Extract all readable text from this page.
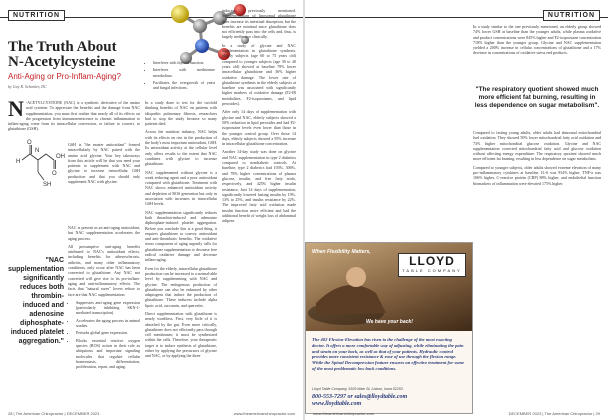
NUTRITION
The Truth About N-Acetylcysteine
Anti-Aging or Pro-Inflam-Aging?
by Guy R. Schenker, DC
O
H
N
O
OH
SH
N -ACETYLCYSTEINE (NAC) is a synthetic derivative of the amino acid cysteine. To appreciate the benefits and the damage from NAC supplementation, you must first realize that nearly all of its effects on the progression from immunosenescence to chronic inflammation to inflam-aging come from its intracellular conversion, or failure to convert, to glutathione (GSH).

GSH is "the master antioxidant" formed intracellularly by NAC paired with the amino acid glycine. Your key takeaways from this article will be that you need your patients to supplement with NAC and glycine to increase intracellular GSH production and that you should only supplement NAC with glycine.

NAC is present as an anti-aging antioxidant, but NAC supplementation accelerates the aging process.

All presumptive anti-aging benefits attributed to NAC's antioxidant effects, including benefits for atherosclerosis, arthritis, and many other inflammatory conditions, only occur after NAC has been converted to glutathione. Any NAC not converted will give rise to its pro-inflam-aging and anti-inflammatory effects. The facts that "natural cures" lovers refuse to face are that NAC supplementation:

• Suppresses anti-aging gene expression (particularly inhibiting SKN-1-mediated transcription).
• Accelerates the aging process in animal studies.
• Perturbs global gene expression.
• Blocks essential reactive oxygen species (ROS) action in their role as ubiquitous and important signaling molecules that regulate cellular homeostasis, differentiation, proliferation, repair, and aging.
"NAC supplementation significantly reduces both thrombin-induced and adenosine diphosphate-induced platelet aggregation."
• Interferes with thyroid function.
• Interferes with methionine metabolism.
• Facilitates the overgrowth of yeast and fungal infections.

In a study done to test for the twofold thinking benefits of NAC on patients with idiopathic pulmonary fibrosis, researchers had to stop the study because so many patients died.

Across the nutrition industry, NAC helps with its effects on rise in the production of the body's most important antioxidant, GSH. Its antioxidant activity at the cellular level only offers results to the extent that NAC combines with glycine to increase glutathione.

NAC supplemented without glycine is a weak reducing agent and a poor antioxidant compared with glutathione. Treatment with NAC shows enhanced antioxidant activity and depletion of ROS generation but only in association with increases in intracellular GSH levels.

NAC supplementation significantly reduces both thrombin-induced and adenosine diphosphate-induced platelet aggregation. Before you conclude this is a good thing, it requires glutathione to convey antioxidant and anti-thrombotic benefits. The oxidative stress component of aging urgently calls for glutathione supplementation to decrease free radical oxidative damage and decrease inflam-aging.

Even for the elderly, intracellular glutathione production can be increased to a normal-able level by supplementing with NAC and glycine. The endogenous production of glutathione can also be enhanced by other adaptogens that induce the production of glutathione. These inducers include alpha lipoic acid, curcumin, and quercetin.

Direct supplementation with glutathione is nearly worthless. First, very little of it is absorbed by the gut. Even more critically, glutathione does not efficiently pass through cell membranes; it must be synthesized within the cells. Therefore, your therapeutic target is to induce synthesis of glutathione, either by applying the precursors of glycine and NAC, or by applying the three

inducers previously mentioned. Supplementation of liposomal glutathione does increase its intestinal absorption, but the benefits are minimal since glutathione does not efficiently pass into the cells and, thus, is largely ineffective clinically.

In a study of glycine and NAC supplementation in glutathione synthesis, elderly subjects (age 60 to 75 years old) compared to younger subjects (age 30 to 40 years old) showed at baseline 78% lower intracellular glutathione and 36% higher oxidative damage. The lower rate of glutathione synthesis in the elderly subjects at baseline was associated with significantly higher markers of oxidative damage (F2-IR metabolites, F2-isoprostanes, and lipid peroxides).

After only 14 days of supplementation with glycine and NAC, elderly subjects showed a 50% reduction in lipid peroxides and had F2-isoprostane levels even lower than those in the younger control group. Over those 14 days, elderly subjects showed a 95% increase in intracellular glutathione concentration.

Another 14-day study was done on glycine and NAC supplementation in type 2 diabetics compared to nondiabetic controls. At baseline, type 2 diabetics had 103%, 306%, and 78% higher concentrations of plasma glucose, insulin, and free fatty acids, respectively, and 425% higher insulin resistance. Just 14 days of supplementation, significantly lowered fasting insulin by 19%, 13% to 25%, and insulin resistance by 22%. The improved fatty acid oxidation made insulin function more efficient and had the additional benefit of weight loss of abdominal adipose.

28 | The American Chiropractor | DECEMBER 2023	www.theamericanchiropractor.com
NUTRITION

In a study similar to the one previously mentioned, an elderly group showed 74% lower GSH at baseline than the younger adults, while plasma oxidative and product concentrations were 845% higher and F2-isoprostane concentration 718% higher than the younger group. Glycine and NAC supplementation yielded a 200% increase in cellular concentrations of glutathione and a 17% decrease in concentrations of oxidative stress end products.

"The respiratory quotient showed much more efficient fat burning, resulting in less dependence on sugar metabolism".

Compared to fasting young adults, older adults had abnormal mitochondrial fuel oxidation. They showed 50% lower mitochondrial fatty acid oxidation and 73% higher mitochondrial glucose oxidation. Glycine and NAC supplementation corrected mitochondrial fatty acid and glucose oxidation without affecting energy expenditure. The respiratory quotient showed much more efficient fat burning, resulting in less dependence on sugar metabolism.

Compared to younger subjects, older adults showed extreme elevation of many pro-inflammatory cytokines at baseline. IL-6 was 934% higher, TNF-a was 106% higher, C-reactive protein (CRP) 88% higher, and endothelial function biomarkers of inflammation were elevated 175% higher.

When Flexibility Matters,
LLOYD
TABLE COMPANY
We have your back!
The 402 Flexion-Elevation has risen to the challenge of the most exacting doctor. It offers a more comfortable way of adjusting, while eliminating the pain and strain on your back, as well as that of your patients. Hydraulic control provides more consistent resistance & ease of use through the flexion range. While the Spinal Decompression feature ensures an effective treatment for some of the most problematic low back conditions.
Lloyd Table Company, 9329 Main St, Lisbon, Iowa 52253
800-553-7297 or sales@lloydtable.com
www.lloydtable.com
www.theamericanchiropractor.com	DECEMBER 2023 | The American Chiropractor | 29
